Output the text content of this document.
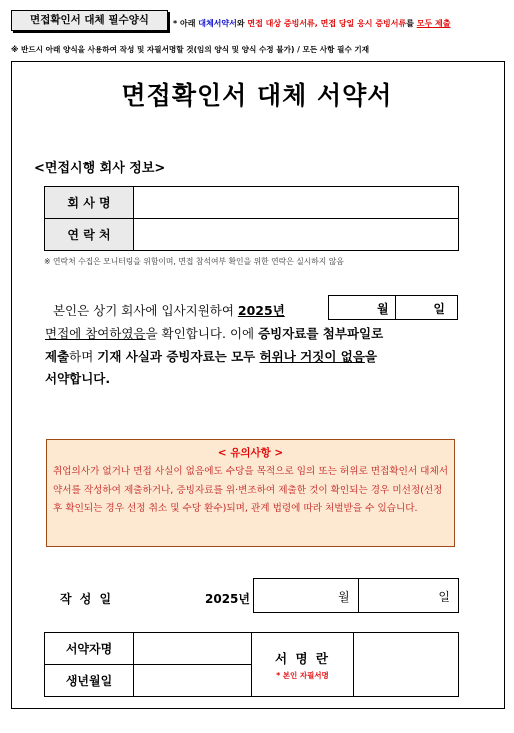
면접확인서 대체 필수양식	* 아래 대체서약서와 면접 대상 증빙서류, 면접 당일 응시 증빙서류를 모두 제출
※ 반드시 아래 양식을 사용하여 작성 및 자필서명할 것(임의 양식 및 양식 수정 불가) / 모든 사항 필수 기재
면접확인서 대체 서약서
<면접시행 회사 정보>
회 사 명	
연 락 처	
※ 연락처 수집은 모니터링을 위함이며, 면접 참석여부 확인을 위한 연락은 실시하지 않음
월	일
본인은 상기 회사에 입사지원하여 2025년
면접에 참여하였음을 확인합니다. 이에 증빙자료를 첨부파일로
제출하며 기재 사실과 증빙자료는 모두 허위나 거짓이 없음을
서약합니다.
< 유의사항 >
취업의사가 없거나 면접 사실이 없음에도 수당을 목적으로 임의 또는 허위로 면접확인서 대체서약서를 작성하여 제출하거나, 증빙자료를 위·변조하여 제출한 것이 확인되는 경우 미선정(선정 후 확인되는 경우 선정 취소 및 수당 환수)되며, 관계 법령에 따라 처벌받을 수 있습니다.
작 성 일	2025년	월	일
서약자명		서 명 란
* 본인 자필서명	

생년월일			
